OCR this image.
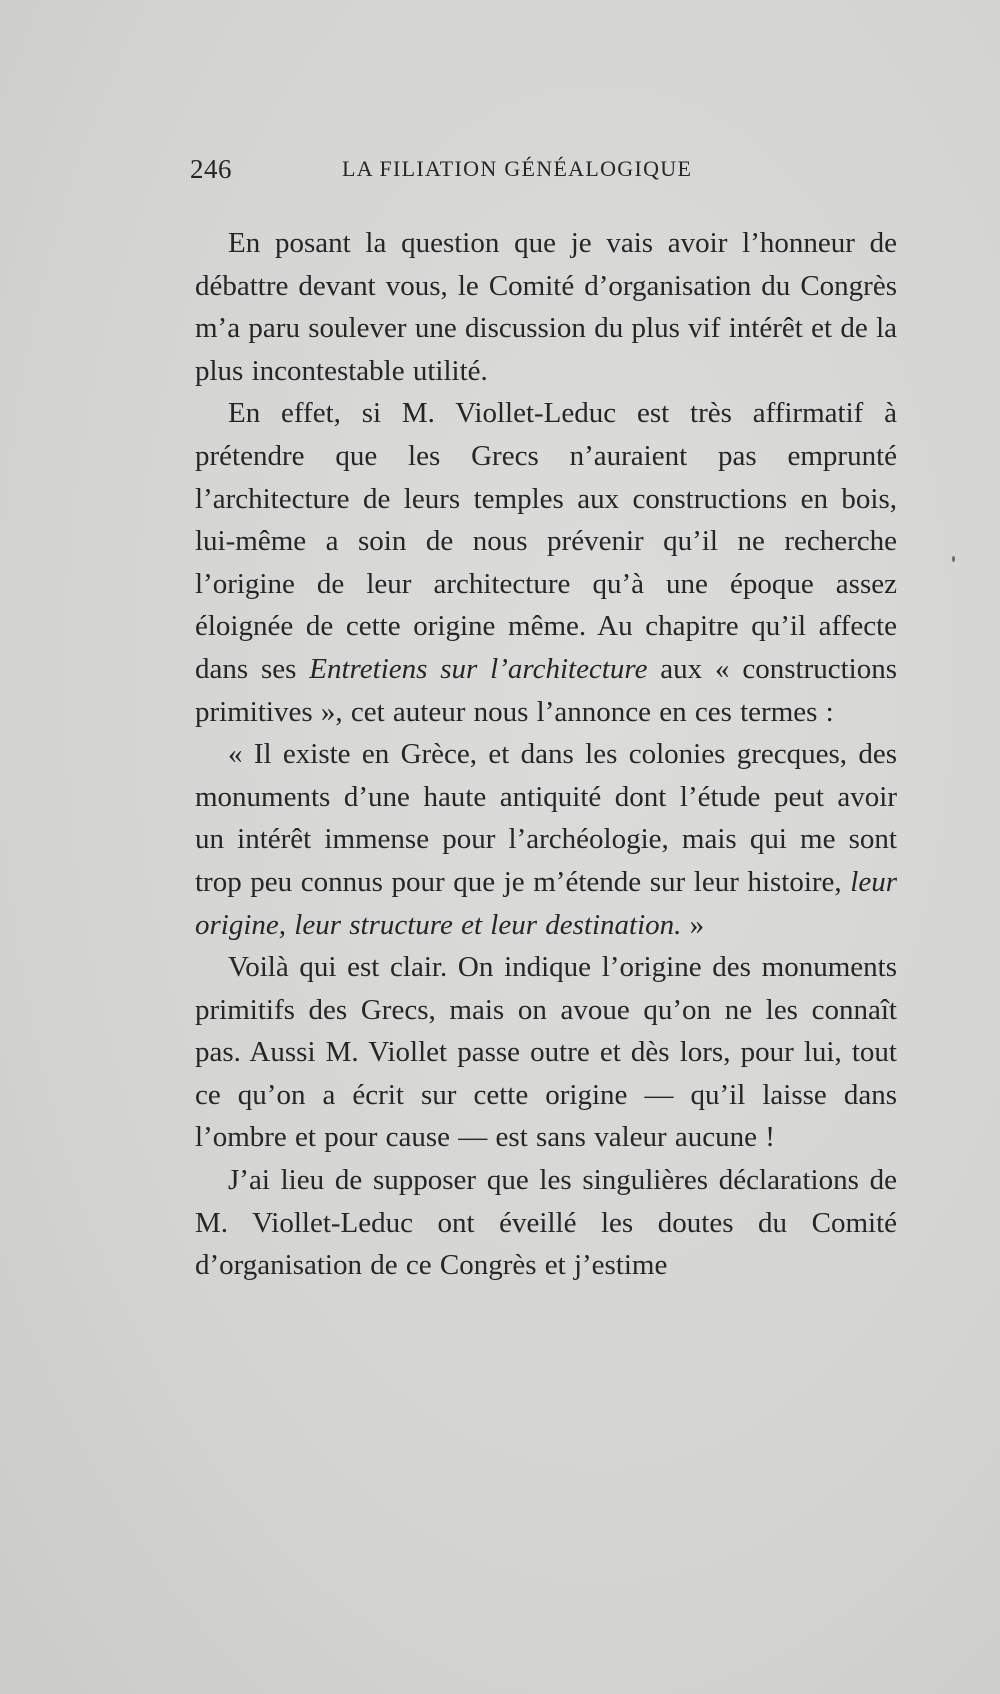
246	LA FILIATION GÉNÉALOGIQUE

En posant la question que je vais avoir l’honneur de débattre devant vous, le Comité d’organisation du Congrès m’a paru soulever une discussion du plus vif intérêt et de la plus incontestable utilité.

En effet, si M. Viollet-Leduc est très affirmatif à prétendre que les Grecs n’auraient pas emprunté l’architecture de leurs temples aux constructions en bois, lui-même a soin de nous prévenir qu’il ne recherche l’origine de leur architecture qu’à une époque assez éloignée de cette origine même. Au chapitre qu’il affecte dans ses Entretiens sur l’architecture aux « constructions primitives », cet auteur nous l’annonce en ces termes :

« Il existe en Grèce, et dans les colonies grecques, des monuments d’une haute antiquité dont l’étude peut avoir un intérêt immense pour l’archéologie, mais qui me sont trop peu connus pour que je m’étende sur leur histoire, leur origine, leur structure et leur destination. »

Voilà qui est clair. On indique l’origine des monuments primitifs des Grecs, mais on avoue qu’on ne les connaît pas. Aussi M. Viollet passe outre et dès lors, pour lui, tout ce qu’on a écrit sur cette origine — qu’il laisse dans l’ombre et pour cause — est sans valeur aucune !

J’ai lieu de supposer que les singulières déclarations de M. Viollet-Leduc ont éveillé les doutes du Comité d’organisation de ce Congrès et j’estime
